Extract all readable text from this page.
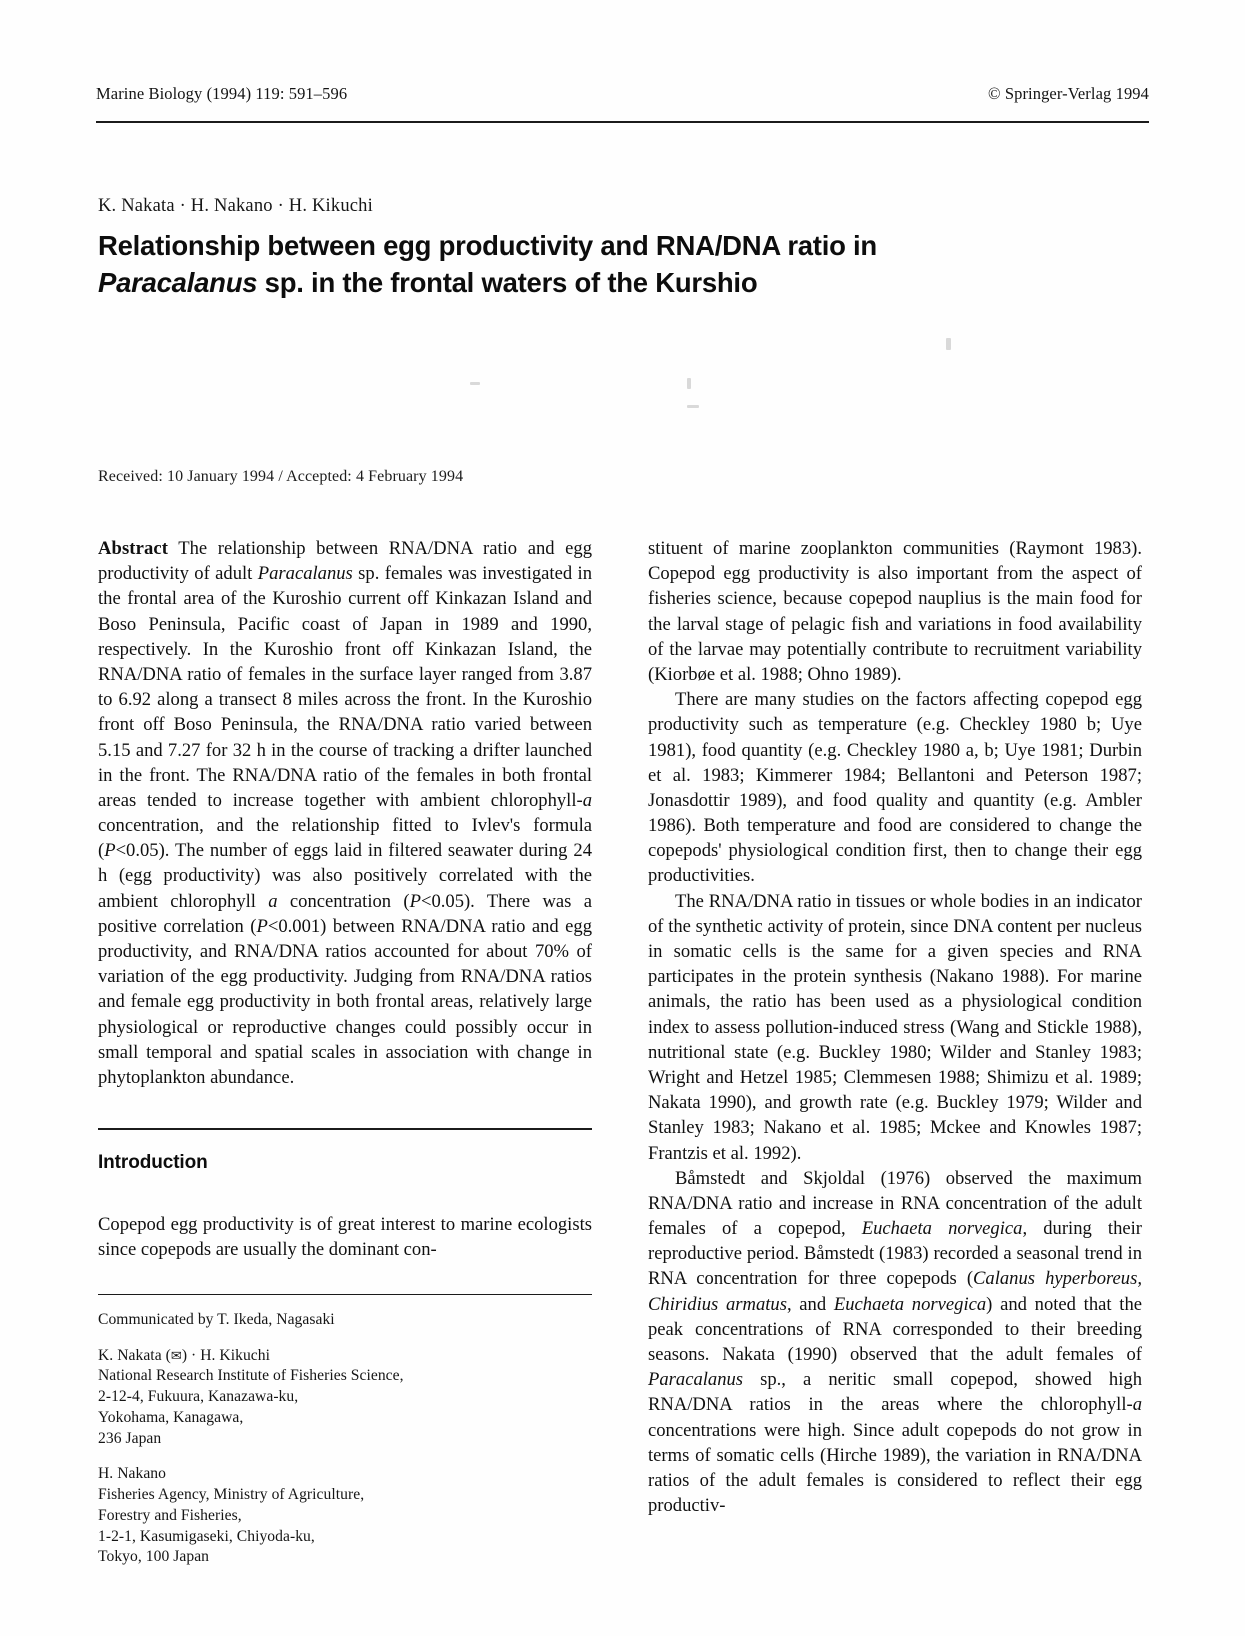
Marine Biology (1994) 119: 591–596	© Springer-Verlag 1994
K. Nakata · H. Nakano · H. Kikuchi
Relationship between egg productivity and RNA/DNA ratio in
Paracalanus sp. in the frontal waters of the Kurshio
Received: 10 January 1994 / Accepted: 4 February 1994

Abstract The relationship between RNA/DNA ratio and egg productivity of adult Paracalanus sp. females was investigated in the frontal area of the Kuroshio current off Kinkazan Island and Boso Peninsula, Pacific coast of Japan in 1989 and 1990, respectively. In the Kuroshio front off Kinkazan Island, the RNA/DNA ratio of females in the surface layer ranged from 3.87 to 6.92 along a transect 8 miles across the front. In the Kuroshio front off Boso Peninsula, the RNA/DNA ratio varied between 5.15 and 7.27 for 32 h in the course of tracking a drifter launched in the front. The RNA/DNA ratio of the females in both frontal areas tended to increase together with ambient chlorophyll-a concentration, and the relationship fitted to Ivlev's formula (P<0.05). The number of eggs laid in filtered seawater during 24 h (egg productivity) was also positively correlated with the ambient chlorophyll a concentration (P<0.05). There was a positive correlation (P<0.001) between RNA/DNA ratio and egg productivity, and RNA/DNA ratios accounted for about 70% of variation of the egg productivity. Judging from RNA/DNA ratios and female egg productivity in both frontal areas, relatively large physiological or reproductive changes could possibly occur in small temporal and spatial scales in association with change in phytoplankton abundance.

Introduction
Copepod egg productivity is of great interest to marine ecologists since copepods are usually the dominant con-
Communicated by T. Ikeda, Nagasaki
K. Nakata (✉) · H. Kikuchi
National Research Institute of Fisheries Science,
2-12-4, Fukuura, Kanazawa-ku,
Yokohama, Kanagawa,
236 Japan
H. Nakano
Fisheries Agency, Ministry of Agriculture,
Forestry and Fisheries,
1-2-1, Kasumigaseki, Chiyoda-ku,
Tokyo, 100 Japan

stituent of marine zooplankton communities (Raymont 1983). Copepod egg productivity is also important from the aspect of fisheries science, because copepod nauplius is the main food for the larval stage of pelagic fish and variations in food availability of the larvae may potentially contribute to recruitment variability (Kiorbøe et al. 1988; Ohno 1989).

There are many studies on the factors affecting copepod egg productivity such as temperature (e.g. Checkley 1980 b; Uye 1981), food quantity (e.g. Checkley 1980 a, b; Uye 1981; Durbin et al. 1983; Kimmerer 1984; Bellantoni and Peterson 1987; Jonasdottir 1989), and food quality and quantity (e.g. Ambler 1986). Both temperature and food are considered to change the copepods' physiological condition first, then to change their egg productivities.

The RNA/DNA ratio in tissues or whole bodies in an indicator of the synthetic activity of protein, since DNA content per nucleus in somatic cells is the same for a given species and RNA participates in the protein synthesis (Nakano 1988). For marine animals, the ratio has been used as a physiological condition index to assess pollution-induced stress (Wang and Stickle 1988), nutritional state (e.g. Buckley 1980; Wilder and Stanley 1983; Wright and Hetzel 1985; Clemmesen 1988; Shimizu et al. 1989; Nakata 1990), and growth rate (e.g. Buckley 1979; Wilder and Stanley 1983; Nakano et al. 1985; Mckee and Knowles 1987; Frantzis et al. 1992).

Båmstedt and Skjoldal (1976) observed the maximum RNA/DNA ratio and increase in RNA concentration of the adult females of a copepod, Euchaeta norvegica, during their reproductive period. Båmstedt (1983) recorded a seasonal trend in RNA concentration for three copepods (Calanus hyperboreus, Chiridius armatus, and Euchaeta norvegica) and noted that the peak concentrations of RNA corresponded to their breeding seasons. Nakata (1990) observed that the adult females of Paracalanus sp., a neritic small copepod, showed high RNA/DNA ratios in the areas where the chlorophyll-a concentrations were high. Since adult copepods do not grow in terms of somatic cells (Hirche 1989), the variation in RNA/DNA ratios of the adult females is considered to reflect their egg productiv-
